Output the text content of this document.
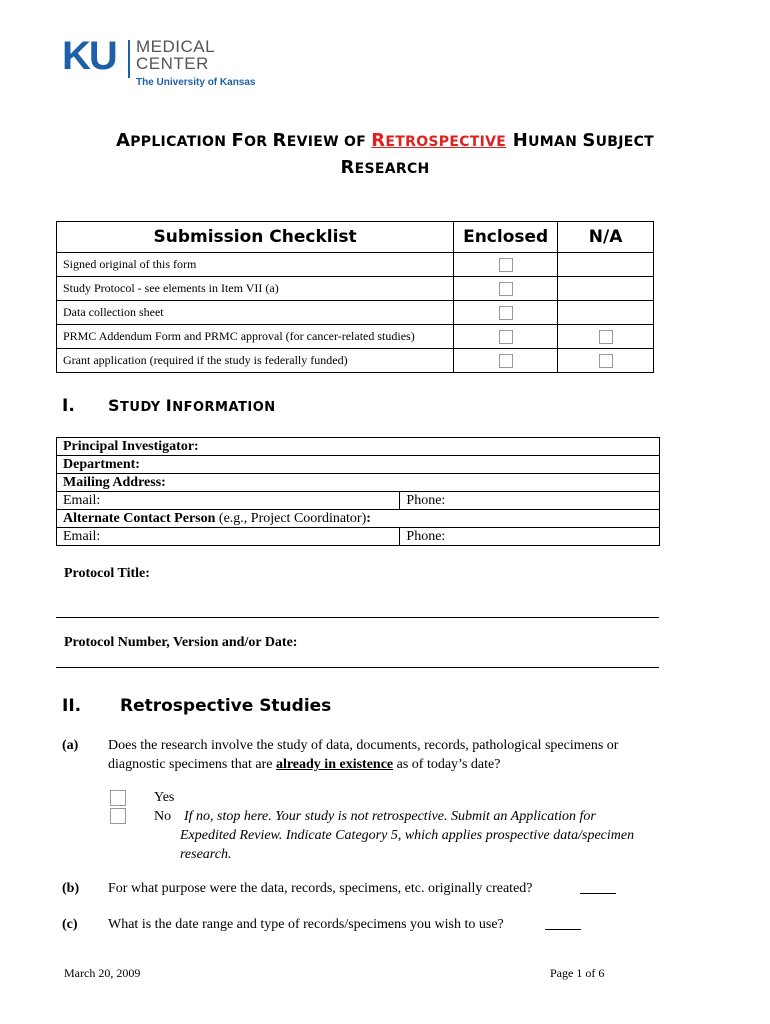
KU MEDICAL
CENTER
The University of Kansas
APPLICATION FOR REVIEW OF RETROSPECTIVE HUMAN SUBJECT
RESEARCH
Submission Checklist	Enclosed	N/A
Signed original of this form		
Study Protocol - see elements in Item VII (a)		
Data collection sheet		
PRMC Addendum Form and PRMC approval (for cancer-related studies)		
Grant application (required if the study is federally funded)		
I. STUDY INFORMATION
Principal Investigator:	
Department:	
Mailing Address:	
Email:	Phone:
Alternate Contact Person (e.g., Project Coordinator):	
Email:	Phone:
Protocol Title:
Protocol Number, Version and/or Date:
II. Retrospective Studies
(a) Does the research involve the study of data, documents, records, pathological specimens or
diagnostic specimens that are already in existence as of today’s date?
Yes
No If no, stop here. Your study is not retrospective. Submit an Application for
Expedited Review. Indicate Category 5, which applies prospective data/specimen
research.
(b) For what purpose were the data, records, specimens, etc. originally created?
(c) What is the date range and type of records/specimens you wish to use?
March 20, 2009	Page 1 of 6
